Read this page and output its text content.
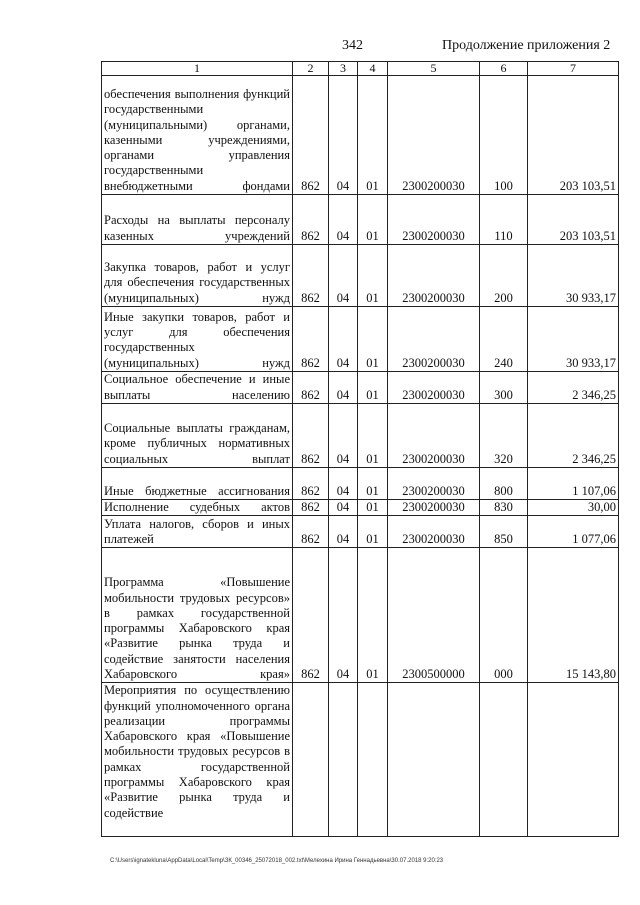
342	Продолжение приложения 2
1	2	3	4	5	6	7
обеспечения выполнения функций государственными (муниципальными) органами, казенными учреждениями, органами управления государственными внебюджетными фондами	862	04	01	2300200030	100	203 103,51
Расходы на выплаты персоналу казенных учреждений	862	04	01	2300200030	110	203 103,51
Закупка товаров, работ и услуг для обеспечения государственных (муниципальных) нужд	862	04	01	2300200030	200	30 933,17
Иные закупки товаров, работ и услуг для обеспечения государственных (муниципальных) нужд	862	04	01	2300200030	240	30 933,17
Социальное обеспечение и иные выплаты населению	862	04	01	2300200030	300	2 346,25
Социальные выплаты гражданам, кроме публичных нормативных социальных выплат	862	04	01	2300200030	320	2 346,25
Иные бюджетные ассигнования	862	04	01	2300200030	800	1 107,06
Исполнение судебных актов	862	04	01	2300200030	830	30,00
Уплата налогов, сборов и иных платежей	862	04	01	2300200030	850	1 077,06
Программа «Повышение мобильности трудовых ресурсов» в рамках государственной программы Хабаровского края «Развитие рынка труда и содействие занятости населения Хабаровского края»	862	04	01	2300500000	000	15 143,80
Мероприятия по осуществлению функций уполномоченного органа реализации программы Хабаровского края «Повышение мобильности трудовых ресурсов в рамках государственной программы Хабаровского края «Развитие рынка труда и содействие						
C:\Users\ignatekluna\AppData\Local\Temp\ЗК_00346_25072018_002.txt\Мелехина Ирина Геннадьевна\30.07.2018 9:20:23
